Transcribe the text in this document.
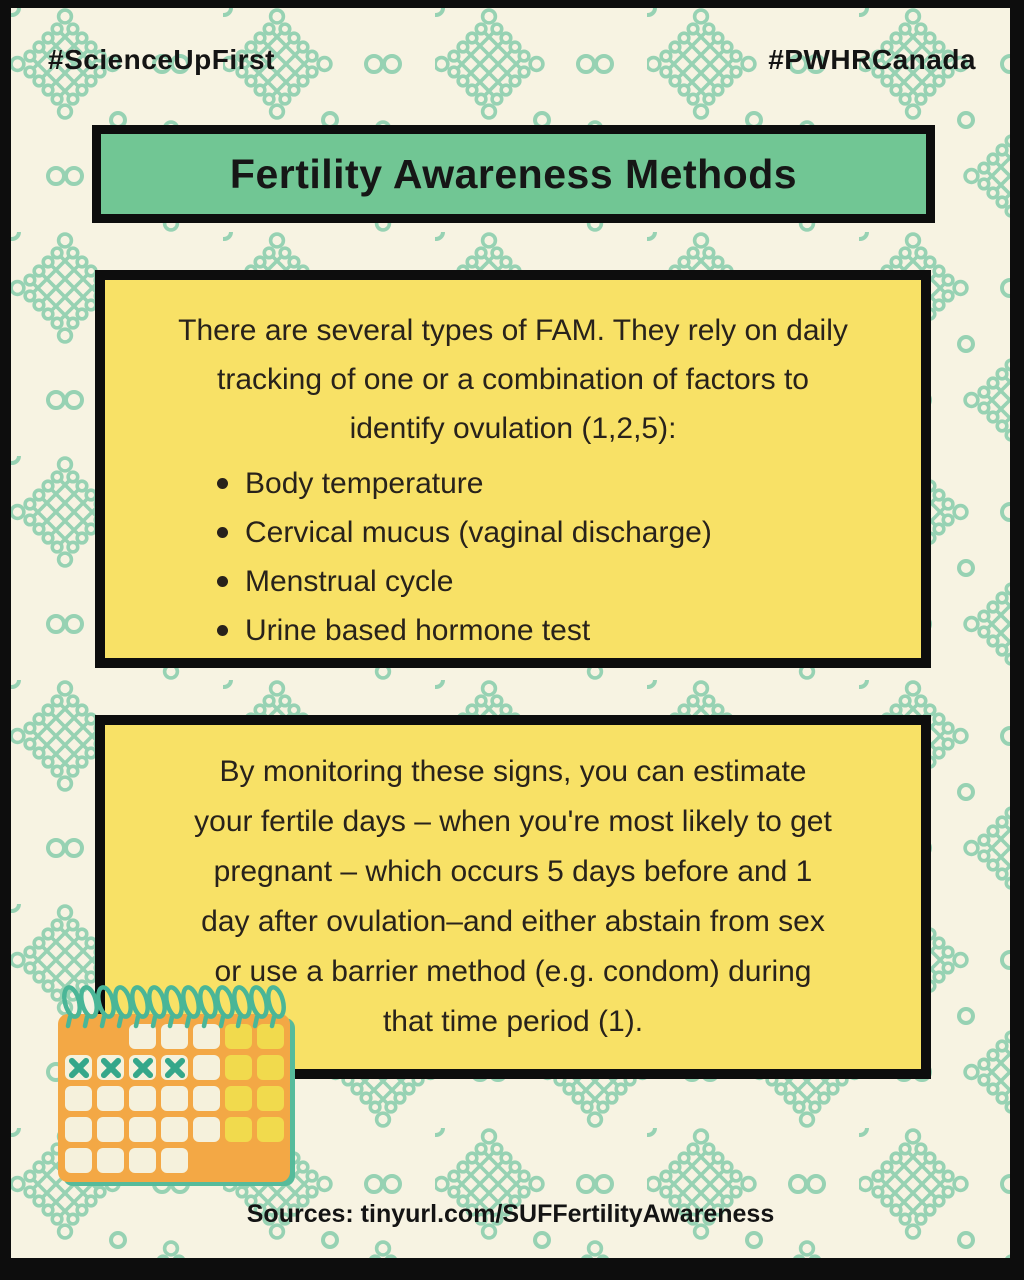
#ScienceUpFirst	#PWHRCanada
Fertility Awareness Methods

There are several types of FAM. They rely on daily tracking of one or a combination of factors to identify ovulation (1,2,5):

Body temperature
Cervical mucus (vaginal discharge)
Menstrual cycle
Urine based hormone test

By monitoring these signs, you can estimate your fertile days – when you're most likely to get pregnant – which occurs 5 days before and 1 day after ovulation–and either abstain from sex or use a barrier method (e.g. condom) during that time period (1).

Sources: tinyurl.com/SUFFertilityAwareness
